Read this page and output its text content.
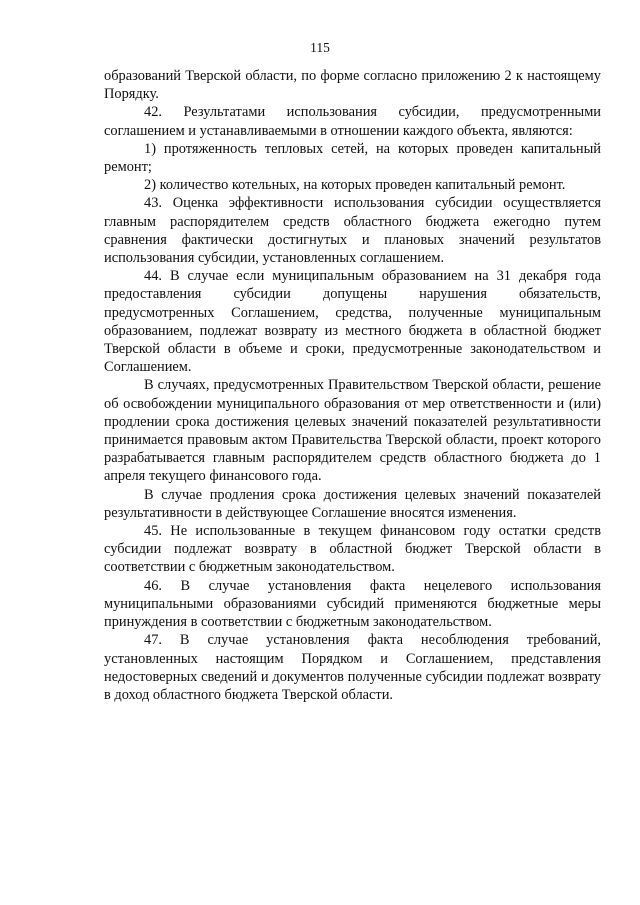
115

образований Тверской области, по форме согласно приложению 2 к настоящему Порядку.

42. Результатами использования субсидии, предусмотренными соглашением и устанавливаемыми в отношении каждого объекта, являются:

1) протяженность тепловых сетей, на которых проведен капитальный ремонт;

2) количество котельных, на которых проведен капитальный ремонт.

43. Оценка эффективности использования субсидии осуществляется главным распорядителем средств областного бюджета ежегодно путем сравнения фактически достигнутых и плановых значений результатов использования субсидии, установленных соглашением.

44. В случае если муниципальным образованием на 31 декабря года предоставления субсидии допущены нарушения обязательств, предусмотренных Соглашением, средства, полученные муниципальным образованием, подлежат возврату из местного бюджета в областной бюджет Тверской области в объеме и сроки, предусмотренные законодательством и Соглашением.

В случаях, предусмотренных Правительством Тверской области, решение об освобождении муниципального образования от мер ответственности и (или) продлении срока достижения целевых значений показателей результативности принимается правовым актом Правительства Тверской области, проект которого разрабатывается главным распорядителем средств областного бюджета до 1 апреля текущего финансового года.

В случае продления срока достижения целевых значений показателей результативности в действующее Соглашение вносятся изменения.

45. Не использованные в текущем финансовом году остатки средств субсидии подлежат возврату в областной бюджет Тверской области в соответствии с бюджетным законодательством.

46. В случае установления факта нецелевого использования муниципальными образованиями субсидий применяются бюджетные меры принуждения в соответствии с бюджетным законодательством.

47. В случае установления факта несоблюдения требований, установленных настоящим Порядком и Соглашением, представления недостоверных сведений и документов полученные субсидии подлежат возврату в доход областного бюджета Тверской области.
